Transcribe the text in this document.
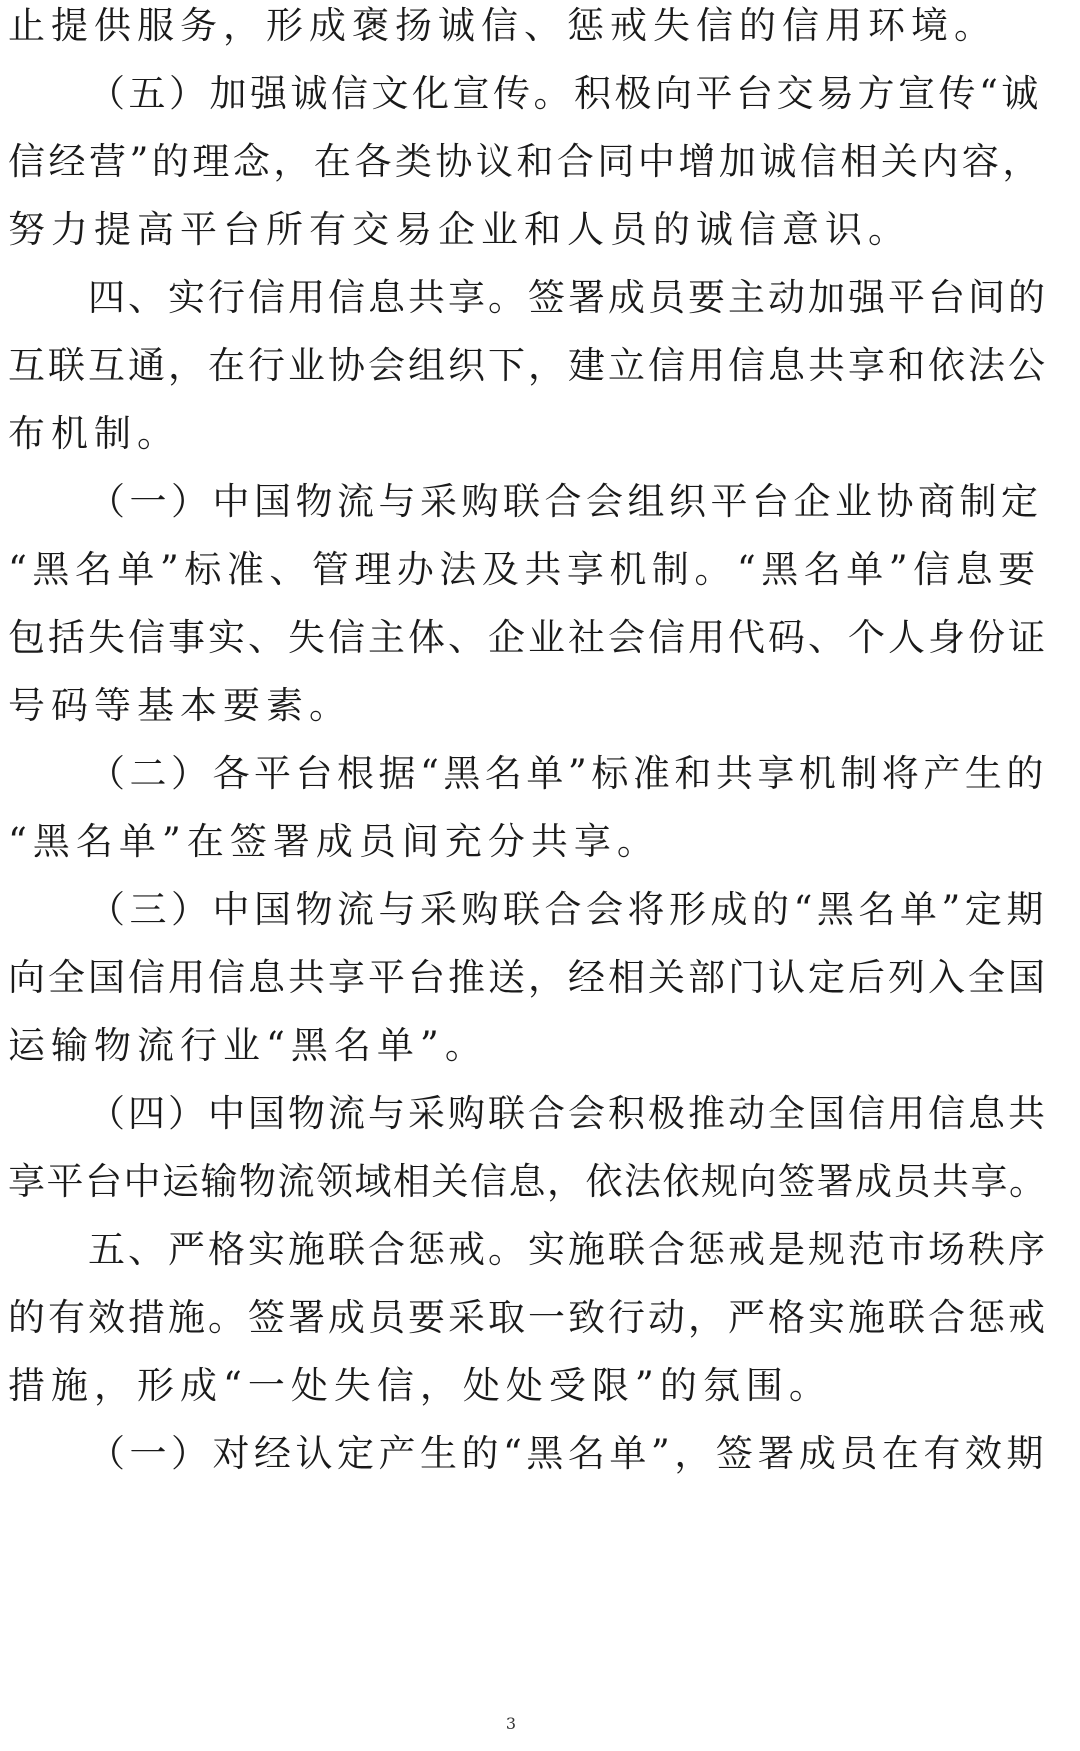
止提供服务，形成褒扬诚信、惩戒失信的信用环境。
（五）加强诚信文化宣传。积极向平台交易方宣传“诚
信经营”的理念，在各类协议和合同中增加诚信相关内容，
努力提高平台所有交易企业和人员的诚信意识。
四、实行信用信息共享。签署成员要主动加强平台间的
互联互通，在行业协会组织下，建立信用信息共享和依法公
布机制。
（一）中国物流与采购联合会组织平台企业协商制定
“黑名单”标准、管理办法及共享机制。“黑名单”信息要
包括失信事实、失信主体、企业社会信用代码、个人身份证
号码等基本要素。
（二）各平台根据“黑名单”标准和共享机制将产生的
“黑名单”在签署成员间充分共享。
（三）中国物流与采购联合会将形成的“黑名单”定期
向全国信用信息共享平台推送，经相关部门认定后列入全国
运输物流行业“黑名单”。
（四）中国物流与采购联合会积极推动全国信用信息共
享平台中运输物流领域相关信息，依法依规向签署成员共享。
五、严格实施联合惩戒。实施联合惩戒是规范市场秩序
的有效措施。签署成员要采取一致行动，严格实施联合惩戒
措施，形成“一处失信，处处受限”的氛围。
（一）对经认定产生的“黑名单”，签署成员在有效期
3
